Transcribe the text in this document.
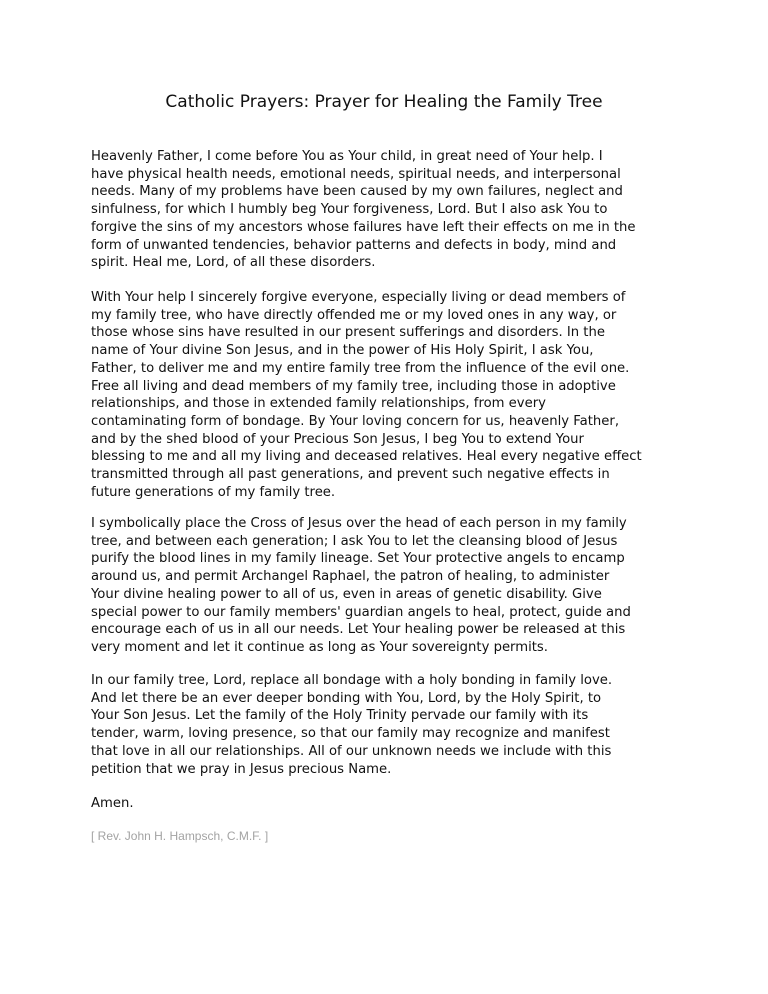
Catholic Prayers: Prayer for Healing the Family Tree
Heavenly Father, I come before You as Your child, in great need of Your help. I
have physical health needs, emotional needs, spiritual needs, and interpersonal
needs. Many of my problems have been caused by my own failures, neglect and
sinfulness, for which I humbly beg Your forgiveness, Lord. But I also ask You to
forgive the sins of my ancestors whose failures have left their effects on me in the
form of unwanted tendencies, behavior patterns and defects in body, mind and
spirit. Heal me, Lord, of all these disorders.
With Your help I sincerely forgive everyone, especially living or dead members of
my family tree, who have directly offended me or my loved ones in any way, or
those whose sins have resulted in our present sufferings and disorders. In the
name of Your divine Son Jesus, and in the power of His Holy Spirit, I ask You,
Father, to deliver me and my entire family tree from the influence of the evil one.
Free all living and dead members of my family tree, including those in adoptive
relationships, and those in extended family relationships, from every
contaminating form of bondage. By Your loving concern for us, heavenly Father,
and by the shed blood of your Precious Son Jesus, I beg You to extend Your
blessing to me and all my living and deceased relatives. Heal every negative effect
transmitted through all past generations, and prevent such negative effects in
future generations of my family tree.
I symbolically place the Cross of Jesus over the head of each person in my family
tree, and between each generation; I ask You to let the cleansing blood of Jesus
purify the blood lines in my family lineage. Set Your protective angels to encamp
around us, and permit Archangel Raphael, the patron of healing, to administer
Your divine healing power to all of us, even in areas of genetic disability. Give
special power to our family members' guardian angels to heal, protect, guide and
encourage each of us in all our needs. Let Your healing power be released at this
very moment and let it continue as long as Your sovereignty permits.
In our family tree, Lord, replace all bondage with a holy bonding in family love.
And let there be an ever deeper bonding with You, Lord, by the Holy Spirit, to
Your Son Jesus. Let the family of the Holy Trinity pervade our family with its
tender, warm, loving presence, so that our family may recognize and manifest
that love in all our relationships. All of our unknown needs we include with this
petition that we pray in Jesus precious Name.
Amen.
[ Rev. John H. Hampsch, C.M.F. ]
